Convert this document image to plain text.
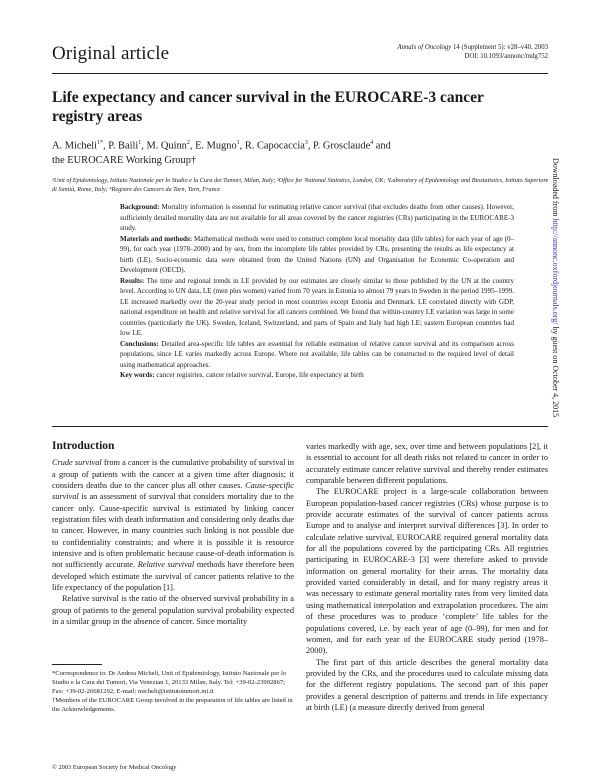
Original article	Annals of Oncology 14 (Supplement 5): v28–v40, 2003
DOI: 10.1093/annonc/mdg752
Life expectancy and cancer survival in the EUROCARE-3 cancer registry areas
A. Micheli$^{1*}$, P. Baili$^1$, M. Quinn$^2$, E. Mugno$^1$, R. Capocaccia$^3$, P. Grosclaude$^4$ and
the EUROCARE Working Group†
¹Unit of Epidemiology, Istituto Nazionale per lo Studio e la Cura dei Tumori, Milan, Italy; ²Office for National Statistics, London, UK; ³Laboratory of Epidemiology and Biostatistics, Istituto Superiore di Sanità, Rome, Italy; ⁴Registre des Cancers du Tarn, Tarn, France

Background: Mortality information is essential for estimating relative cancer survival (that excludes deaths from other causes). However, sufficiently detailed mortality data are not available for all areas covered by the cancer registries (CRs) participating in the EUROCARE-3 study.

Materials and methods: Mathematical methods were used to construct complete local mortality data (life tables) for each year of age (0–99), for each year (1978–2000) and by sex, from the incomplete life tables provided by CRs, presenting the results as life expectancy at birth (LE). Socio-economic data were obtained from the United Nations (UN) and Organisation for Economic Co-operation and Development (OECD).

Results: The time and regional trends in LE provided by our estimates are closely similar to those published by the UN at the country level. According to UN data, LE (men plus women) varied from 70 years in Estonia to almost 79 years in Sweden in the period 1995–1999. LE increased markedly over the 20-year study period in most countries except Estonia and Denmark. LE correlated directly with GDP, national expenditure on health and relative survival for all cancers combined. We found that within-country LE variation was large in some countries (particularly the UK). Sweden, Iceland, Switzerland, and parts of Spain and Italy had high LE; eastern European countries had low LE.

Conclusions: Detailed area-specific life tables are essential for reliable estimation of relative cancer survival and its comparison across populations, since LE varies markedly across Europe. Where not available, life tables can be constructed to the required level of detail using mathematical approaches.

Key words: cancer registries, cancer relative survival, Europe, life expectancy at birth

Introduction

Crude survival from a cancer is the cumulative probability of survival in a group of patients with the cancer at a given time after diagnosis; it considers deaths due to the cancer plus all other causes. Cause-specific survival is an assessment of survival that considers mortality due to the cancer only. Cause-specific survival is estimated by linking cancer registration files with death information and considering only deaths due to cancer. However, in many countries such linking is not possible due to confidentiality constraints; and where it is possible it is resource intensive and is often problematic because cause-of-death information is not sufficiently accurate. Relative survival methods have therefore been developed which estimate the survival of cancer patients relative to the life expectancy of the population [1].

Relative survival is the ratio of the observed survival probability in a group of patients to the general population survival probability expected in a similar group in the absence of cancer. Since mortality

*Correspondence to: Dr Andrea Micheli, Unit of Epidemiology, Istituto Nazionale per lo Studio e la Cura dei Tumori, Via Venezian 1, 20133 Milan, Italy. Tel: +39-02-23902867; Fax: +39-02-26681292; E-mail: micheli@istitutotumori.mi.it

†Members of the EUROCARE Group involved in the preparation of life tables are listed in the Acknowledgements.

© 2003 European Society for Medical Oncology

varies markedly with age, sex, over time and between populations [2], it is essential to account for all death risks not related to cancer in order to accurately estimate cancer relative survival and thereby render estimates comparable between different populations.

The EUROCARE project is a large-scale collaboration between European population-based cancer registries (CRs) whose purpose is to provide accurate estimates of the survival of cancer patients across Europe and to analyse and interpret survival differences [3]. In order to calculate relative survival, EUROCARE required general mortality data for all the populations covered by the participating CRs. All registries participating in EUROCARE-3 [3] were therefore asked to provide information on general mortality for their areas. The mortality data provided varied considerably in detail, and for many registry areas it was necessary to estimate general mortality rates from very limited data using mathematical interpolation and extrapolation procedures. The aim of these procedures was to produce ‘complete’ life tables for the populations covered, i.e. by each year of age (0–99), for men and for women, and for each year of the EUROCARE study period (1978–2000).

The first part of this article describes the general mortality data provided by the CRs, and the procedures used to calculate missing data for the different registry populations. The second part of this paper provides a general description of patterns and trends in life expectancy at birth (LE) (a measure directly derived from general

Downloaded from http://annonc.oxfordjournals.org/ by guest on October 4, 2015
